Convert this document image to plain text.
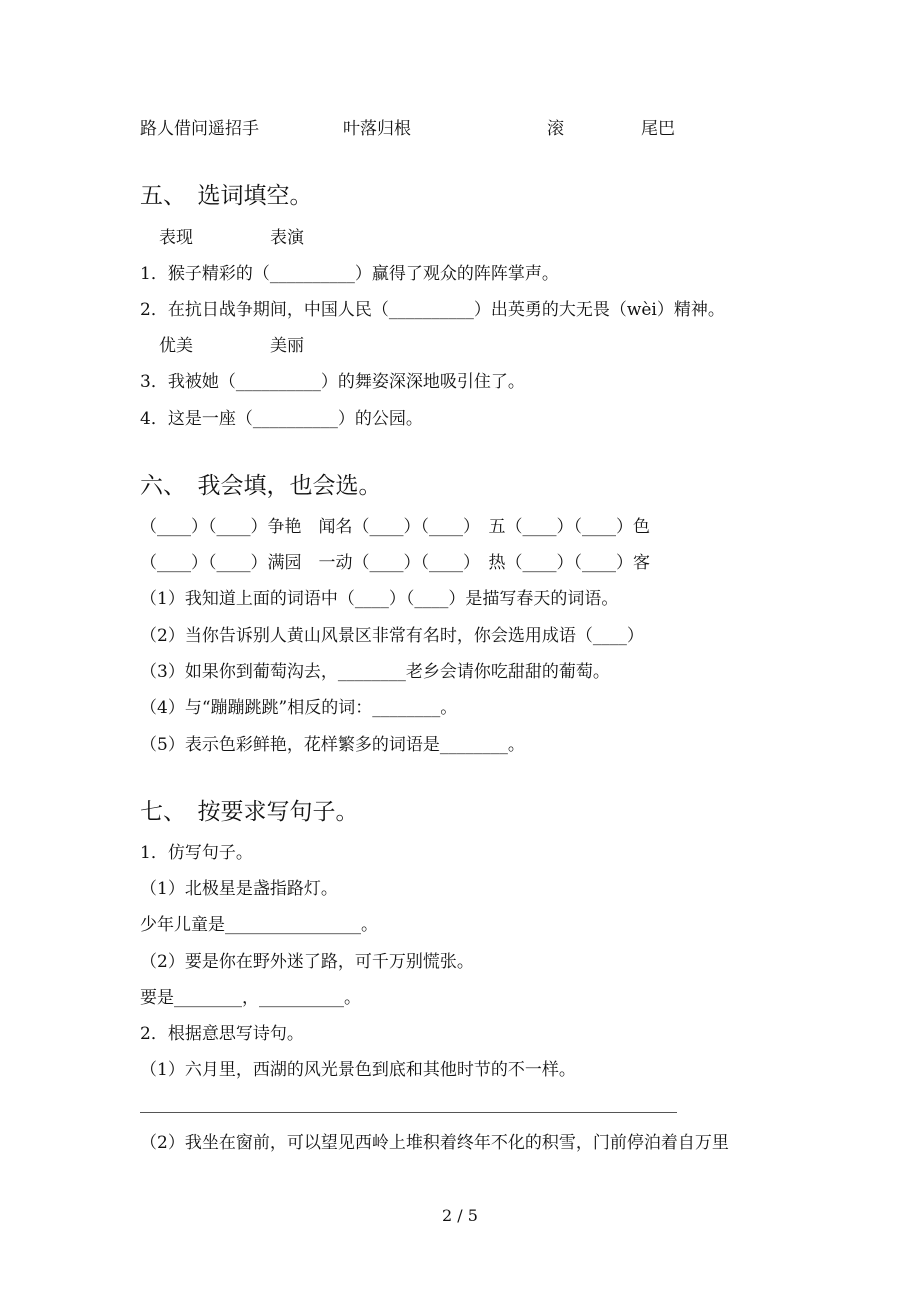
路人借问遥招手	叶落归根	滚	尾巴
五、　选词填空。
表现	表演
1．猴子精彩的（__________）赢得了观众的阵阵掌声。
2．在抗日战争期间，中国人民（__________）出英勇的大无畏（wèi）精神。
优美	美丽
3．我被她（__________）的舞姿深深地吸引住了。
4．这是一座（__________）的公园。
六、　我会填，也会选。
（____）（____）争艳　闻名（____）（____）　五（____）（____）色
（____）（____）满园　一动（____）（____）　热（____）（____）客
（1）我知道上面的词语中（____）（____）是描写春天的词语。
（2）当你告诉别人黄山风景区非常有名时，你会选用成语（____）
（3）如果你到葡萄沟去，________老乡会请你吃甜甜的葡萄。
（4）与“蹦蹦跳跳”相反的词：________。
（5）表示色彩鲜艳，花样繁多的词语是________。
七、　按要求写句子。
1．仿写句子。
（1）北极星是盏指路灯。
少年儿童是________________。
（2）要是你在野外迷了路，可千万别慌张。
要是________，__________。
2．根据意思写诗句。
（1）六月里，西湖的风光景色到底和其他时节的不一样。
（2）我坐在窗前，可以望见西岭上堆积着终年不化的积雪，门前停泊着自万里
2 / 5
